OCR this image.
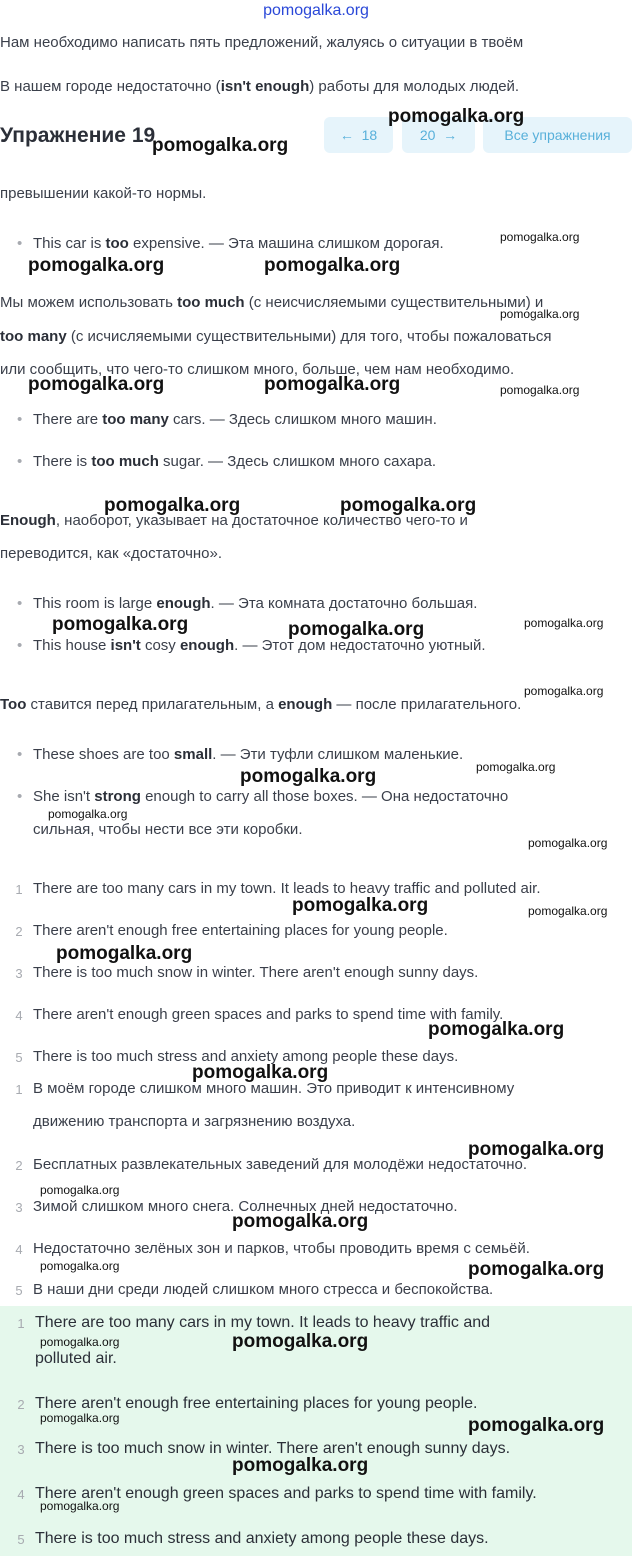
pomogalka.org
Нам необходимо написать пять предложений, жалуясь о ситуации в твоём
В нашем городе недостаточно (isn't enough) работы для молодых людей.
Упражнение 19	← 18	20 →	Все упражнения
превышении какой-то нормы.
• This car is too expensive. — Эта машина слишком дорогая.
Мы можем использовать too much (с неисчисляемыми существительными) и
too many (с исчисляемыми существительными) для того, чтобы пожаловаться
или сообщить, что чего-то слишком много, больше, чем нам необходимо.
• There are too many cars. — Здесь слишком много машин.
• There is too much sugar. — Здесь слишком много сахара.
Enough, наоборот, указывает на достаточное количество чего-то и
переводится, как «достаточно».
• This room is large enough. — Эта комната достаточно большая.
• This house isn't cosy enough. — Этот дом недостаточно уютный.
Too ставится перед прилагательным, а enough — после прилагательного.
• These shoes are too small. — Эти туфли слишком маленькие.
• She isn't strong enough to carry all those boxes. — Она недостаточно
сильная, чтобы нести все эти коробки.
1 There are too many cars in my town. It leads to heavy traffic and polluted air.
2 There aren't enough free entertaining places for young people.
3 There is too much snow in winter. There aren't enough sunny days.
4 There aren't enough green spaces and parks to spend time with family.
5 There is too much stress and anxiety among people these days.
1 В моём городе слишком много машин. Это приводит к интенсивному
движению транспорта и загрязнению воздуха.
2 Бесплатных развлекательных заведений для молодёжи недостаточно.
3 Зимой слишком много снега. Солнечных дней недостаточно.
4 Недостаточно зелёных зон и парков, чтобы проводить время с семьёй.
5 В наши дни среди людей слишком много стресса и беспокойства.
1 There are too many cars in my town. It leads to heavy traffic and
polluted air.
2 There aren't enough free entertaining places for young people.
3 There is too much snow in winter. There aren't enough sunny days.
4 There aren't enough green spaces and parks to spend time with family.
5 There is too much stress and anxiety among people these days.
pomogalka.org
pomogalka.org
pomogalka.org
pomogalka.org	pomogalka.org
pomogalka.org
pomogalka.org	pomogalka.org	pomogalka.org
pomogalka.org	pomogalka.org
pomogalka.org	pomogalka.org	pomogalka.org
pomogalka.org
pomogalka.org	pomogalka.org
pomogalka.org
pomogalka.org
pomogalka.org	pomogalka.org
pomogalka.org
pomogalka.org
pomogalka.org
pomogalka.org
pomogalka.org
pomogalka.org
pomogalka.org	pomogalka.org
pomogalka.org
pomogalka.org
pomogalka.org	pomogalka.org
pomogalka.org
pomogalka.org
